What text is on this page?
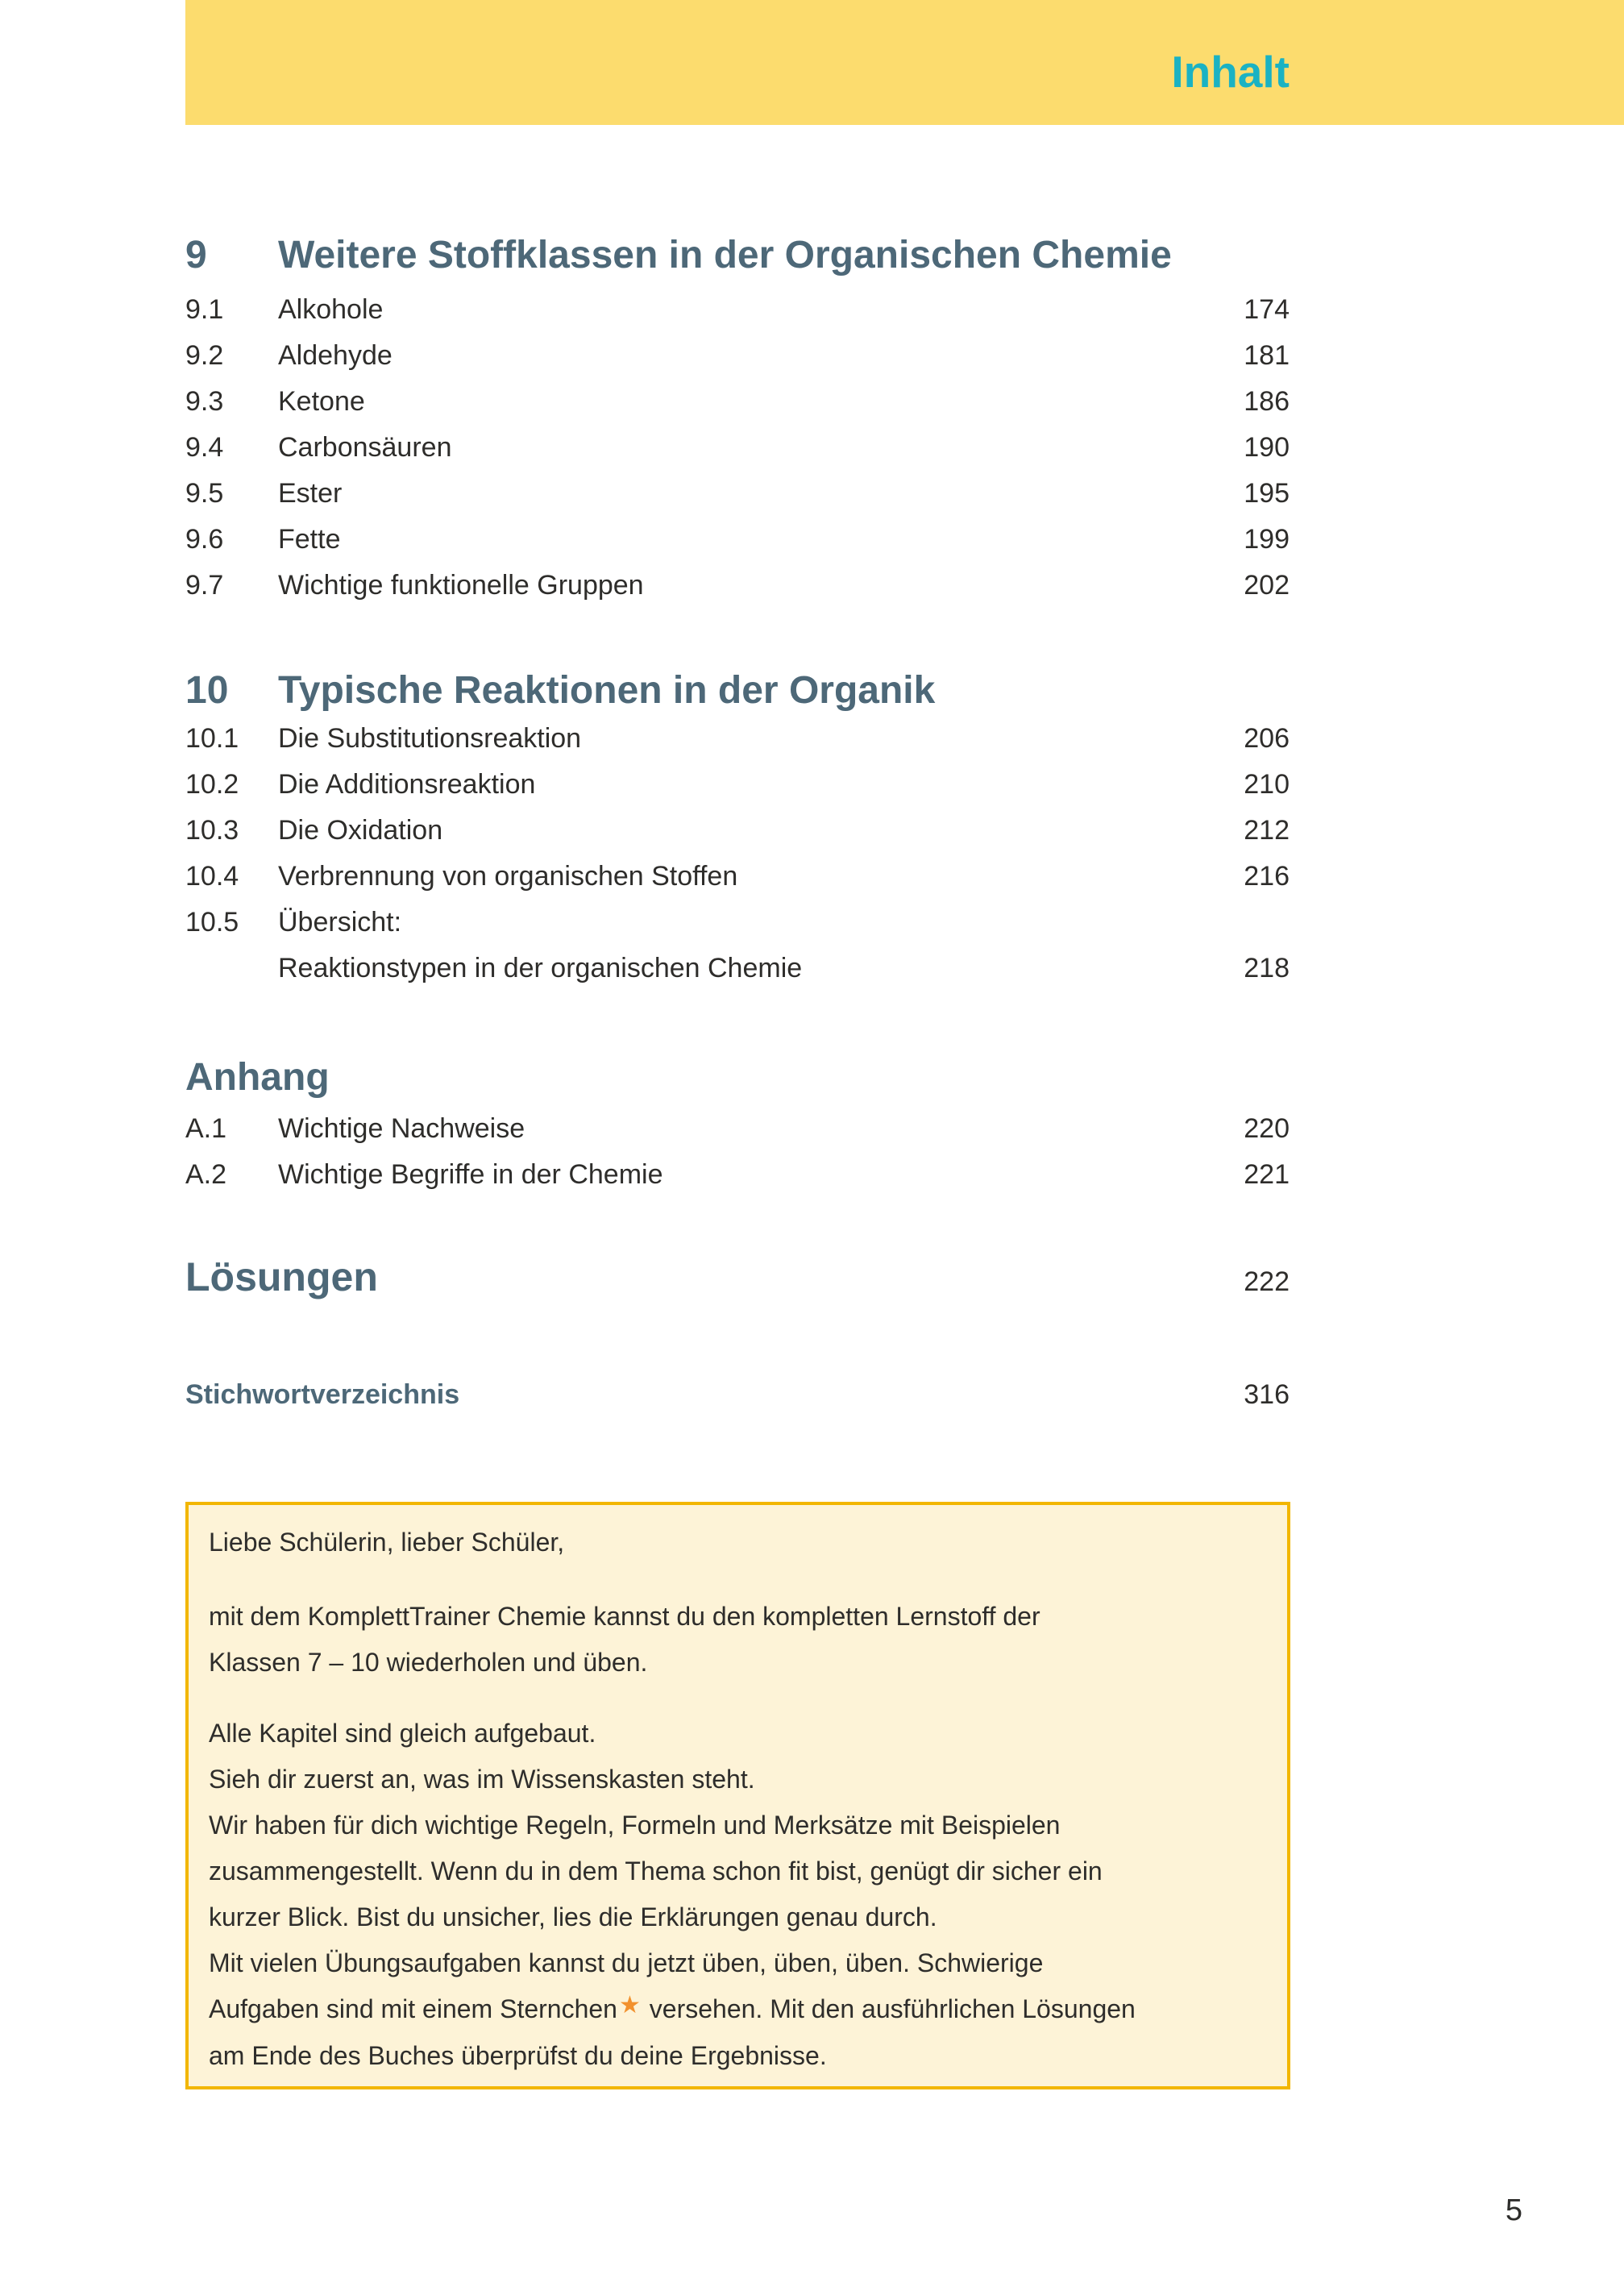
Inhalt
9	Weitere Stoffklassen in der Organischen Chemie
9.1	Alkohole	174
9.2	Aldehyde	181
9.3	Ketone	186
9.4	Carbonsäuren	190
9.5	Ester	195
9.6	Fette	199
9.7	Wichtige funktionelle Gruppen	202
10	Typische Reaktionen in der Organik
10.1	Die Substitutionsreaktion	206
10.2	Die Additionsreaktion	210
10.3	Die Oxidation	212
10.4	Verbrennung von organischen Stoffen	216
10.5	Übersicht:
Reaktionstypen in der organischen Chemie	218
Anhang
A.1	Wichtige Nachweise	220
A.2	Wichtige Begriffe in der Chemie	221
Lösungen	222
Stichwortverzeichnis	316
Liebe Schülerin, lieber Schüler,
mit dem KomplettTrainer Chemie kannst du den kompletten Lernstoff der
Klassen 7 – 10 wiederholen und üben.
Alle Kapitel sind gleich aufgebaut.
Sieh dir zuerst an, was im Wissenskasten steht.
Wir haben für dich wichtige Regeln, Formeln und Merksätze mit Beispielen
zusammengestellt. Wenn du in dem Thema schon fit bist, genügt dir sicher ein
kurzer Blick. Bist du unsicher, lies die Erklärungen genau durch.
Mit vielen Übungsaufgaben kannst du jetzt üben, üben, üben. Schwierige
Aufgaben sind mit einem Sternchen★ versehen. Mit den ausführlichen Lösungen
am Ende des Buches überprüfst du deine Ergebnisse.
5
